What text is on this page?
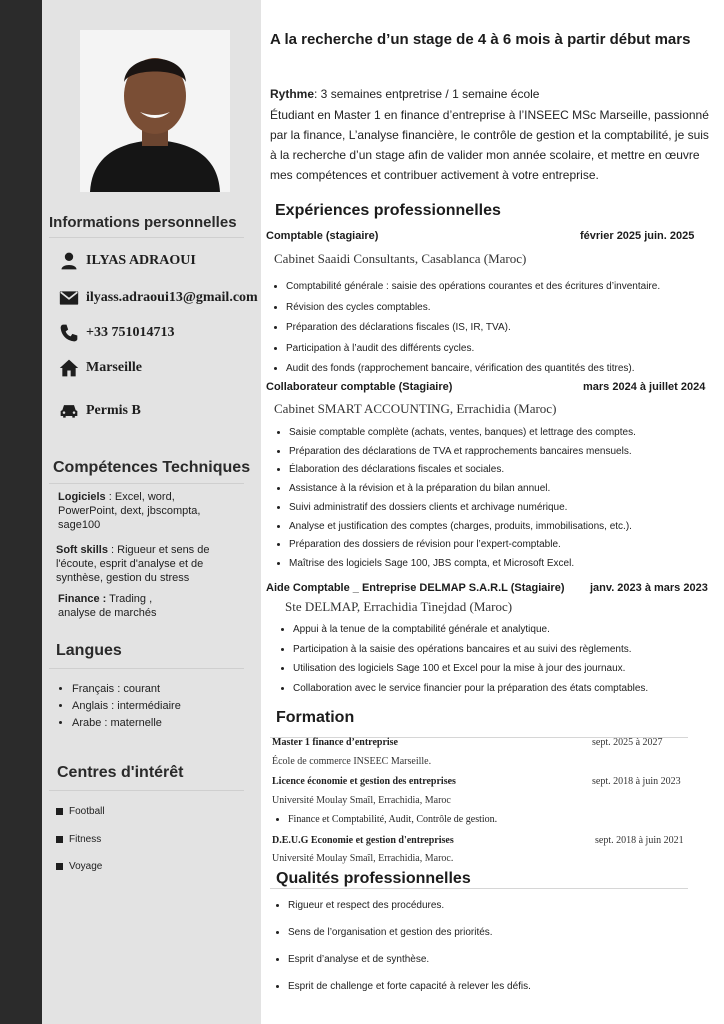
Informations personnelles
ILYAS ADRAOUI
ilyass.adraoui13@gmail.com
+33 751014713
Marseille
Permis B
Compétences Techniques
Logiciels : Excel, word, PowerPoint, dext, jbscompta, sage100
Soft skills : Rigueur et sens de l'écoute, esprit d'analyse et de synthèse, gestion du stress
Finance : Trading , analyse de marchés
Langues
• Français : courant
• Anglais : intermédiaire
• Arabe : maternelle
Centres d'intérêt
Football
Fitness
Voyage
A la recherche d’un stage de 4 à 6 mois à partir début mars
Rythme: 3 semaines entpretrise / 1 semaine école
Étudiant en Master 1 en finance d’entreprise à l’INSEEC MSc Marseille, passionné par la finance, L’analyse financière, le contrôle de gestion et la comptabilité, je suis à la recherche d’un stage afin de valider mon année scolaire, et mettre en œuvre mes compétences et contribuer activement à votre entreprise.
Expériences professionnelles
Comptable (stagiaire)	février 2025 juin. 2025
Cabinet Saaidi Consultants, Casablanca (Maroc)
• Comptabilité générale : saisie des opérations courantes et des écritures d’inventaire.
• Révision des cycles comptables.
• Préparation des déclarations fiscales (IS, IR, TVA).
• Participation à l’audit des différents cycles.
• Audit des fonds (rapprochement bancaire, vérification des quantités des titres).
Collaborateur comptable (Stagiaire)	mars 2024 à juillet 2024
Cabinet SMART ACCOUNTING, Errachidia (Maroc)
• Saisie comptable complète (achats, ventes, banques) et lettrage des comptes.
• Préparation des déclarations de TVA et rapprochements bancaires mensuels.
• Élaboration des déclarations fiscales et sociales.
• Assistance à la révision et à la préparation du bilan annuel.
• Suivi administratif des dossiers clients et archivage numérique.
• Analyse et justification des comptes (charges, produits, immobilisations, etc.).
• Préparation des dossiers de révision pour l’expert-comptable.
• Maîtrise des logiciels Sage 100, JBS compta, et Microsoft Excel.
Aide Comptable _ Entreprise DELMAP S.A.R.L (Stagiaire) janv. 2023 à mars 2023
Ste DELMAP, Errachidia Tinejdad (Maroc)
• Appui à la tenue de la comptabilité générale et analytique.
• Participation à la saisie des opérations bancaires et au suivi des règlements.
• Utilisation des logiciels Sage 100 et Excel pour la mise à jour des journaux.
• Collaboration avec le service financier pour la préparation des états comptables.
Formation
Master 1 finance d’entreprise	sept. 2025 à 2027
École de commerce INSEEC Marseille.
Licence économie et gestion des entreprises	sept. 2018 à juin 2023
Université Moulay Smaîl, Errachidia, Maroc
• Finance et Comptabilité, Audit, Contrôle de gestion.
D.E.U.G Economie et gestion d'entreprises	sept. 2018 à juin 2021
Université Moulay Smaîl, Errachidia, Maroc.
Qualités professionnelles
• Rigueur et respect des procédures.
• Sens de l’organisation et gestion des priorités.
• Esprit d’analyse et de synthèse.
• Esprit de challenge et forte capacité à relever les défis.
